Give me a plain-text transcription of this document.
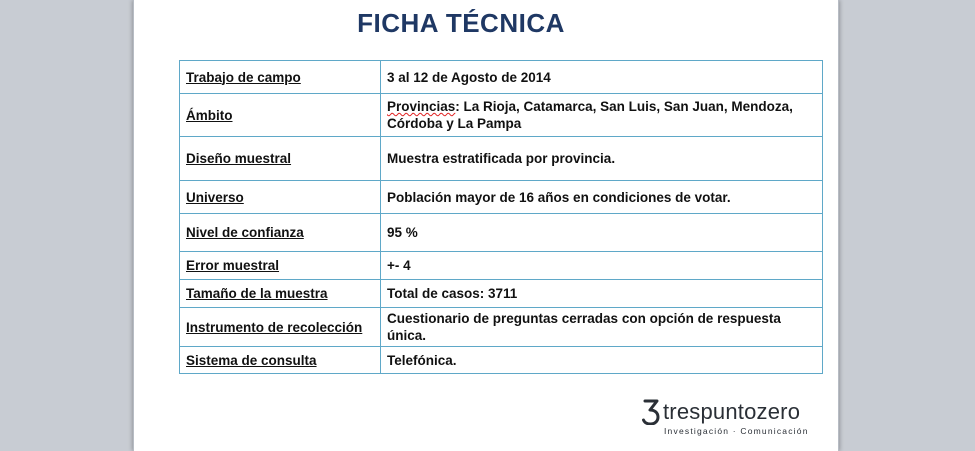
FICHA TÉCNICA
Trabajo de campo	3 al 12 de Agosto de 2014
Ámbito	Provincias: La Rioja, Catamarca, San Luis, San Juan, Mendoza, Córdoba y La Pampa
Diseño muestral	Muestra estratificada por provincia.
Universo	Población mayor de 16 años en condiciones de votar.
Nivel de confianza	95 %
Error muestral	+- 4
Tamaño de la muestra	Total de casos: 3711
Instrumento de recolección	Cuestionario de preguntas cerradas con opción de respuesta única.
Sistema de consulta	Telefónica.
trespuntozero
Investigación · Comunicación
